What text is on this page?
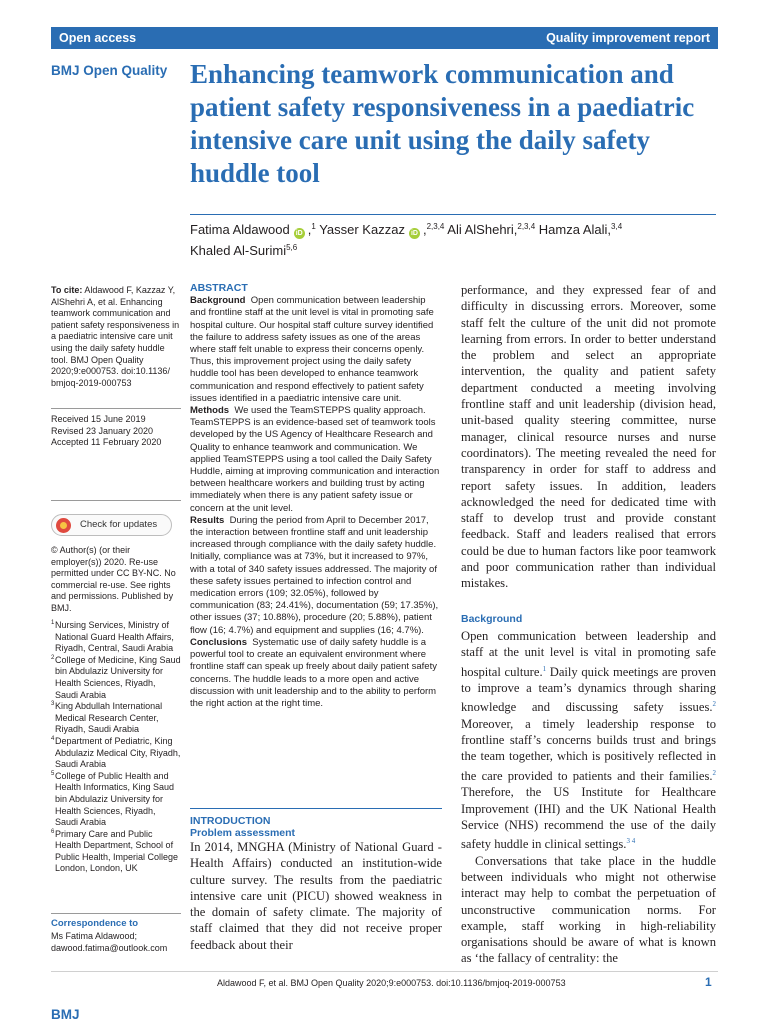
Open access	Quality improvement report
BMJ Open Quality Enhancing teamwork communication and patient safety responsiveness in a paediatric intensive care unit using the daily safety huddle tool
Fatima Aldawood iD ,$^1$ Yasser Kazzaz iD ,$^{2,3,4}$ Ali AlShehri,$^{2,3,4}$ Hamza Alali,$^{3,4}$
Khaled Al-Surimi$^{5,6}$
To cite: Aldawood F, Kazzaz Y, AlShehri A, et al. Enhancing teamwork communication and patient safety responsiveness in a paediatric intensive care unit using the daily safety huddle tool. BMJ Open Quality 2020;9:e000753. doi:10.1136/ bmjoq-2019-000753
Received 15 June 2019
Revised 23 January 2020
Accepted 11 February 2020
Check for updates
© Author(s) (or their employer(s)) 2020. Re-use permitted under CC BY-NC. No commercial re-use. See rights and permissions. Published by BMJ.
1 Nursing Services, Ministry of National Guard Health Affairs, Riyadh, Central, Saudi Arabia
2 College of Medicine, King Saud bin Abdulaziz University for Health Sciences, Riyadh, Saudi Arabia
3 King Abdullah International Medical Research Center, Riyadh, Saudi Arabia
4 Department of Pediatric, King Abdulaziz Medical City, Riyadh, Saudi Arabia
5 College of Public Health and Health Informatics, King Saud bin Abdulaziz University for Health Sciences, Riyadh, Saudi Arabia
6 Primary Care and Public Health Department, School of Public Health, Imperial College London, London, UK
Correspondence to
Ms Fatima Aldawood;
dawood.fatima@outlook.com
ABSTRACT

Background Open communication between leadership and frontline staff at the unit level is vital in promoting safe hospital culture. Our hospital staff culture survey identified the failure to address safety issues as one of the areas where staff felt unable to express their concerns openly. Thus, this improvement project using the daily safety huddle tool has been developed to enhance teamwork communication and respond effectively to patient safety issues identified in a paediatric intensive care unit.

Methods We used the TeamSTEPPS quality approach. TeamSTEPPS is an evidence-based set of teamwork tools developed by the US Agency of Healthcare Research and Quality to enhance teamwork and communication. We applied TeamSTEPPS using a tool called the Daily Safety Huddle, aiming at improving communication and interaction between healthcare workers and building trust by acting immediately when there is any patient safety issue or concern at the unit level.

Results During the period from April to December 2017, the interaction between frontline staff and unit leadership increased through compliance with the daily safety huddle. Initially, compliance was at 73%, but it increased to 97%, with a total of 340 safety issues addressed. The majority of these safety issues pertained to infection control and medication errors (109; 32.05%), followed by communication (83; 24.41%), documentation (59; 17.35%), other issues (37; 10.88%), procedure (20; 5.88%), patient flow (16; 4.7%) and equipment and supplies (16; 4.7%).

Conclusions Systematic use of daily safety huddle is a powerful tool to create an equivalent environment where frontline staff can speak up freely about daily patient safety concerns. The huddle leads to a more open and active discussion with unit leadership and to the ability to perform the right action at the right time.

INTRODUCTION
Problem assessment

In 2014, MNGHA (Ministry of National Guard - Health Affairs) conducted an institution-wide culture survey. The results from the paediatric intensive care unit (PICU) showed weakness in the domain of safety climate. The majority of staff claimed that they did not receive proper feedback about their

performance, and they expressed fear of and difficulty in discussing errors. Moreover, some staff felt the culture of the unit did not promote learning from errors. In order to better understand the problem and select an appropriate intervention, the quality and patient safety department conducted a meeting involving frontline staff and unit leadership (division head, unit-based quality steering committee, nurse manager, clinical resource nurses and nurse coordinators). The meeting revealed the need for transparency in order for staff to address and report safety issues. In addition, leaders acknowledged the need for dedicated time with staff to develop trust and provide constant feedback. Staff and leaders realised that errors could be due to human factors like poor teamwork and poor communication rather than individual mistakes.

Background

Open communication between leadership and staff at the unit level is vital in promoting safe hospital culture.$^1$ Daily quick meetings are proven to improve a team’s dynamics through sharing knowledge and discussing safety issues.$^2$ Moreover, a timely leadership response to frontline staff’s concerns builds trust and brings the team together, which is positively reflected in the care provided to patients and their families.$^2$ Therefore, the US Institute for Healthcare Improvement (IHI) and the UK National Health Service (NHS) recommend the use of the daily safety huddle in clinical settings.$^{3 4}$

Conversations that take place in the huddle between individuals who might not otherwise interact may help to combat the perpetuation of unconstructive communication norms. For example, staff working in high-reliability organisations should be aware of what is known as ‘the fallacy of centrality: the

Aldawood F, et al. BMJ Open Quality 2020;9:e000753. doi:10.1136/bmjoq-2019-000753	1
BMJ
